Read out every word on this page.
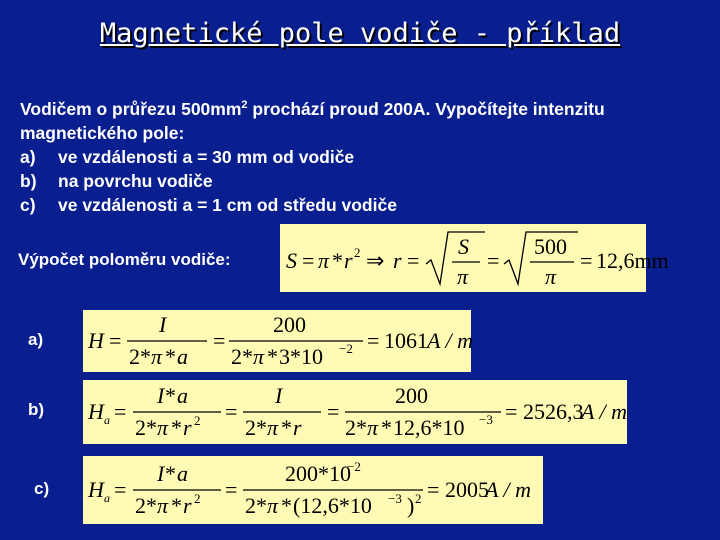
Magnetické pole vodiče - příklad
Vodičem o průřezu $500mm^2$ prochází proud 200A. Vypočítejte intenzitu
magnetického pole:
a) ve vzdálenosti a = 30 mm od vodiče
b) na povrchu vodiče
c) ve vzdálenosti a = 1 cm od středu vodiče
Výpočet poloměru vodiče:	S = π * r 2 ⇒ r =
S
π
=
500
π
= 12,6mm
a)
b)
c)
H =
I
2* π * a
=
200
2* π * 3*10 −2 = 1061 A / m
H a =
I * a
2* π * r 2 =
I
2* π * r
=
200
2* π * 12,6*10 −3 = 2526,3
A / m
H a =
I * a
2* π * r 2 =
200*10
−2
2* π * (12,6*10 −3 ) 2 = 2005
A / m
